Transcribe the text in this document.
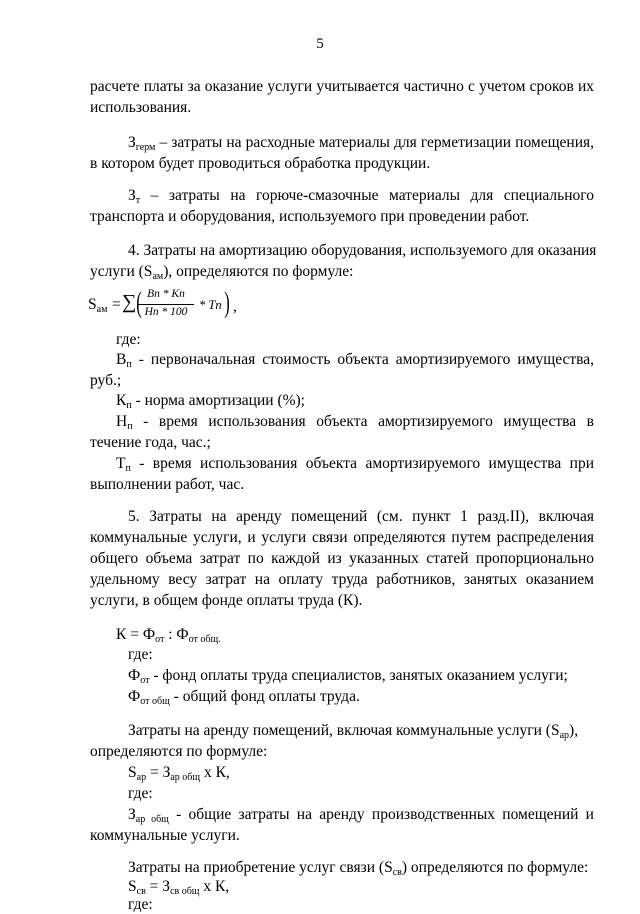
5
расчете платы за оказание услуги учитывается частично с учетом сроков их
использования.
$З_{герм}$ – затраты на расходные материалы для герметизации помещения,
в котором будет проводиться обработка продукции.
$З_т$ – затраты на горюче-смазочные материалы для специального
транспорта и оборудования, используемого при проведении работ.
4. Затраты на амортизацию оборудования, используемого для оказания
услуги $(S_{ам})$, определяются по формуле:
$S_{ам}$ = ∑ ( Bn * Kn
Hn * 100 * Tn ) ,
где:
$В_п$ - первоначальная стоимость объекта амортизируемого имущества,
руб.;
$К_п$ - норма амортизации (%);
$Н_п$ - время использования объекта амортизируемого имущества в
течение года, час.;
$Т_п$ - время использования объекта амортизируемого имущества при
выполнении работ, час.
5. Затраты на аренду помещений (см. пункт 1 разд.II), включая
коммунальные услуги, и услуги связи определяются путем распределения
общего объема затрат по каждой из указанных статей пропорционально
удельному весу затрат на оплату труда работников, занятых оказанием
услуги, в общем фонде оплаты труда (К).
$К = Ф_{от}$ : $Ф_{от общ.}$
где:
$Ф_{от}$ - фонд оплаты труда специалистов, занятых оказанием услуги;
$Ф_{от общ}$ - общий фонд оплаты труда.
Затраты на аренду помещений, включая коммунальные услуги $(S_{ар})$,
определяются по формуле:
$S_{ар} = З_{ар общ}$ х К,
где:
$З_{ар общ}$ - общие затраты на аренду производственных помещений и
коммунальные услуги.
Затраты на приобретение услуг связи $(S_{св})$ определяются по формуле:
$S_{св} = З_{св общ}$ х К,
где:
